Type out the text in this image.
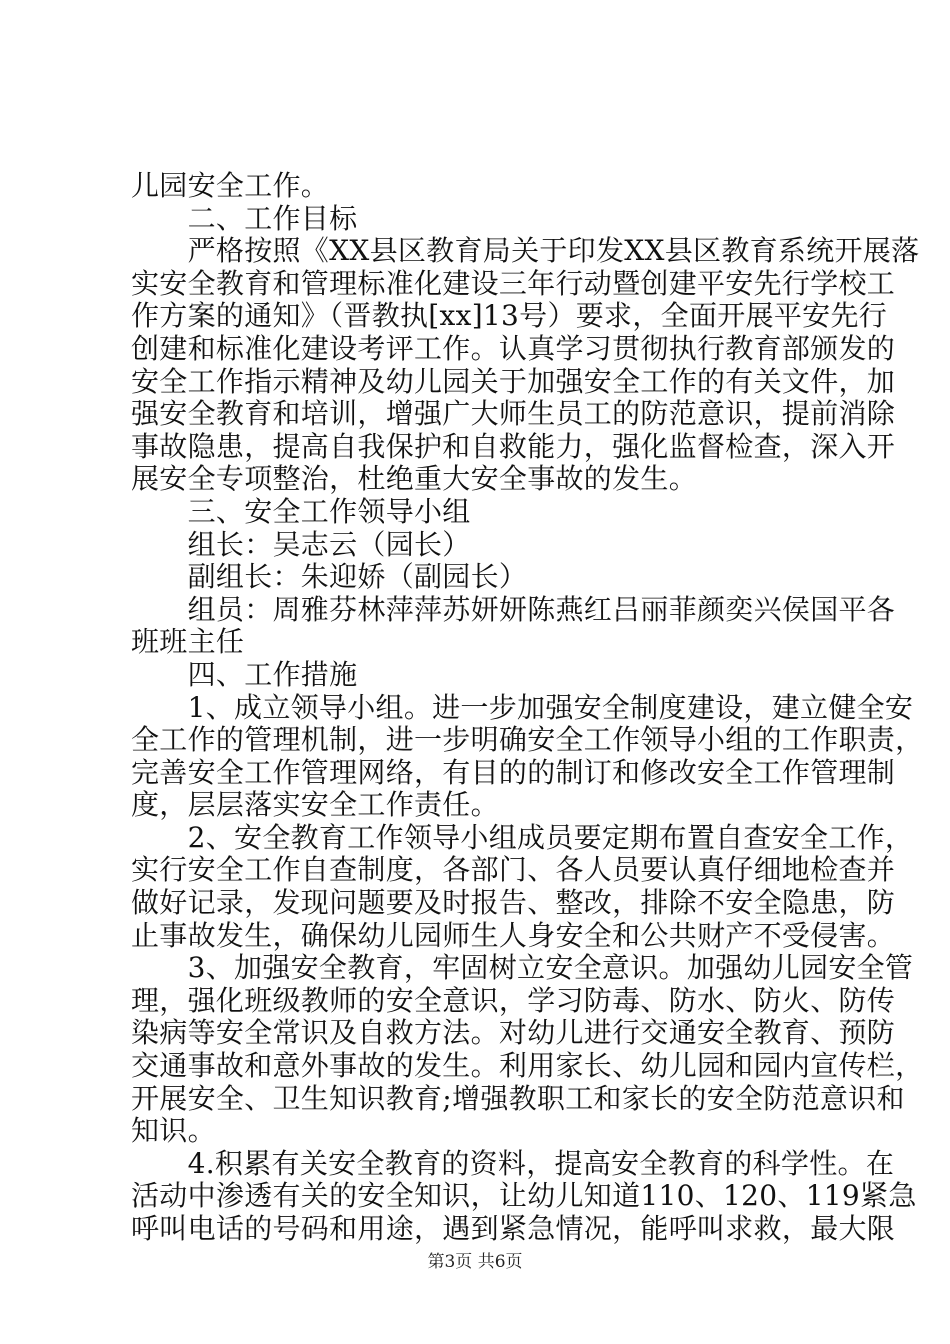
儿园安全工作。

　　二、工作目标

　　严格按照《XX县区教育局关于印发XX县区教育系统开展落

实安全教育和管理标准化建设三年行动暨创建平安先行学校工

作方案的通知》（晋教执[xx]13号）要求，全面开展平安先行

创建和标准化建设考评工作。认真学习贯彻执行教育部颁发的

安全工作指示精神及幼儿园关于加强安全工作的有关文件，加

强安全教育和培训，增强广大师生员工的防范意识，提前消除

事故隐患，提高自我保护和自救能力，强化监督检查，深入开

展安全专项整治，杜绝重大安全事故的发生。

　　三、安全工作领导小组

　　组长：吴志云（园长）

　　副组长：朱迎娇（副园长）

　　组员：周雅芬林萍萍苏妍妍陈燕红吕丽菲颜奕兴侯国平各

班班主任

　　四、工作措施

　　1、成立领导小组。进一步加强安全制度建设，建立健全安

全工作的管理机制，进一步明确安全工作领导小组的工作职责，

完善安全工作管理网络，有目的的制订和修改安全工作管理制

度，层层落实安全工作责任。

　　2、安全教育工作领导小组成员要定期布置自查安全工作，

实行安全工作自查制度，各部门、各人员要认真仔细地检查并

做好记录，发现问题要及时报告、整改，排除不安全隐患，防

止事故发生，确保幼儿园师生人身安全和公共财产不受侵害。

　　3、加强安全教育，牢固树立安全意识。加强幼儿园安全管

理，强化班级教师的安全意识，学习防毒、防水、防火、防传

染病等安全常识及自救方法。对幼儿进行交通安全教育、预防

交通事故和意外事故的发生。利用家长、幼儿园和园内宣传栏，

开展安全、卫生知识教育;增强教职工和家长的安全防范意识和

知识。

　　4.积累有关安全教育的资料，提高安全教育的科学性。在

活动中渗透有关的安全知识，让幼儿知道110、120、119紧急

呼叫电话的号码和用途，遇到紧急情况，能呼叫求救，最大限

第3页 共6页
